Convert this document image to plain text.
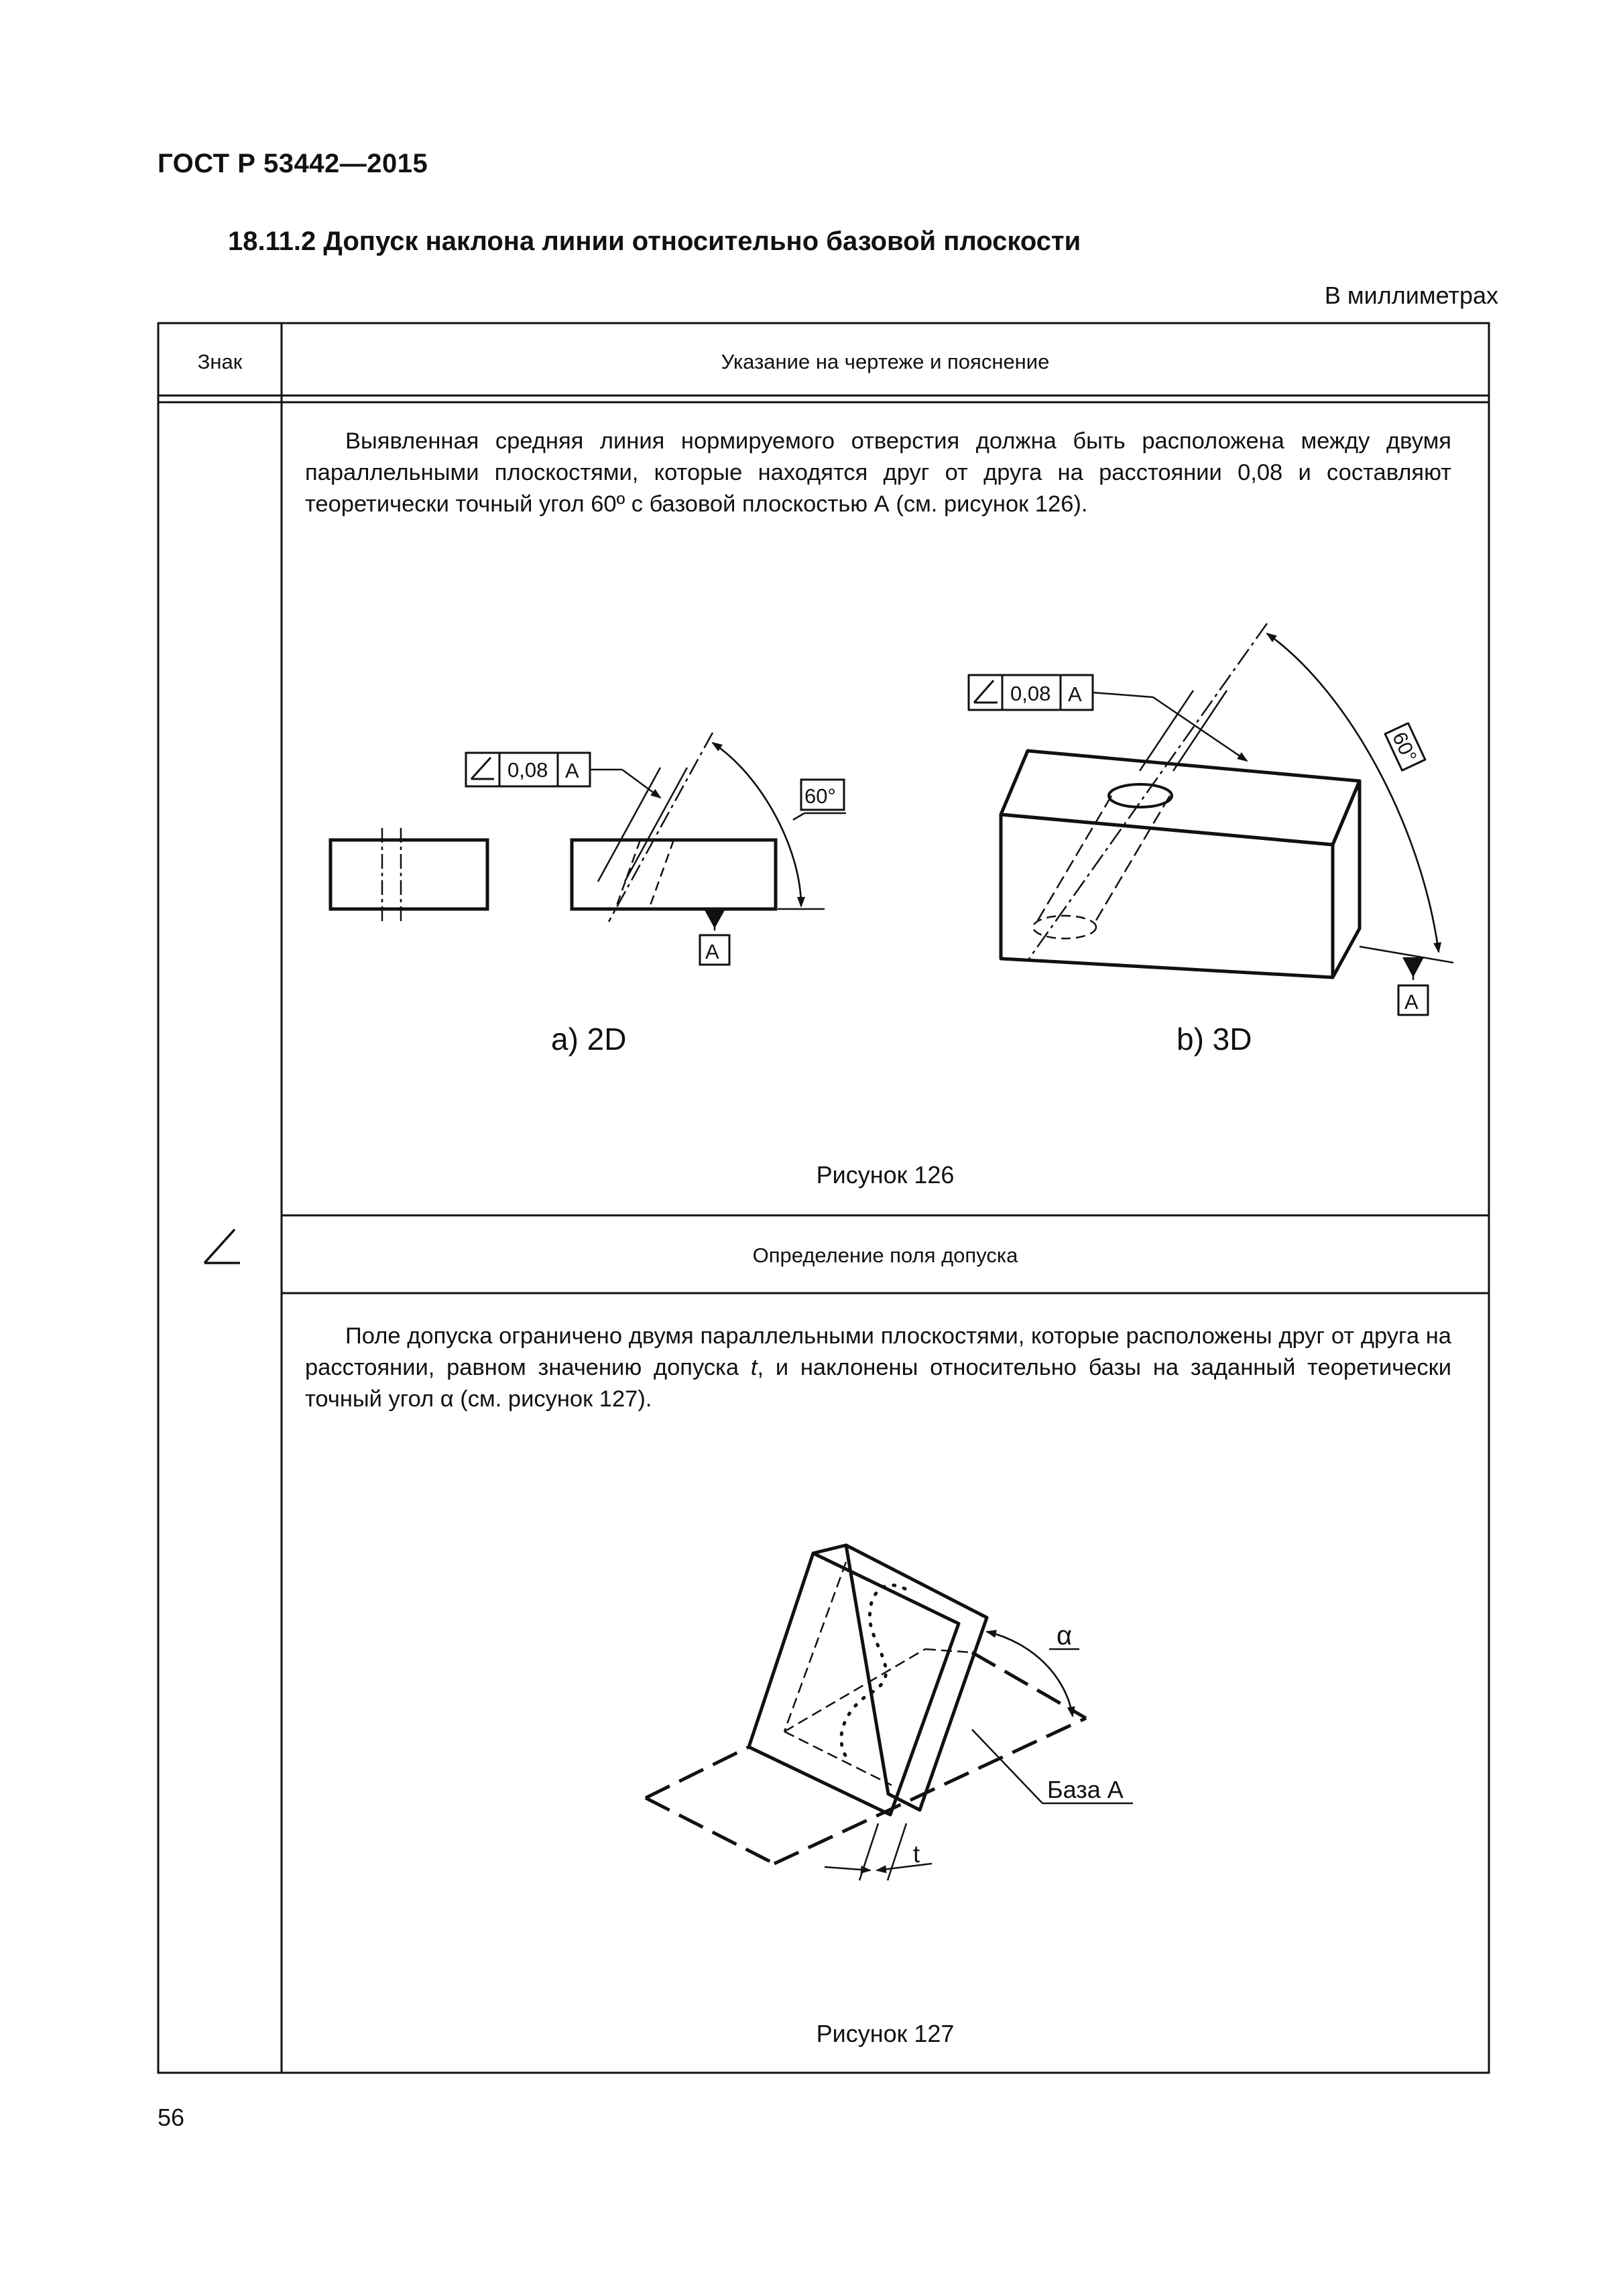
ГОСТ Р 53442—2015
18.11.2 Допуск наклона линии относительно базовой плоскости
В миллиметрах
Знак	Указание на чертеже и пояснение
Выявленная средняя линия нормируемого отверстия должна быть расположена между двумя параллельными плоскостями, которые находятся друг от друга на расстоянии 0,08 и составляют теоретически точный угол 60º с базовой плоскостью А (см. рисунок 126).
60°
0,08 A
A
0,08 A
60°
A
a) 2D	b) 3D
Рисунок 126
Определение поля допуска
Поле допуска ограничено двумя параллельными плоскостями, которые расположены друг от друга на расстоянии, равном значению допуска t, и наклонены относительно базы на заданный теоретически точный угол α (см. рисунок 127).
α
База А
t
Рисунок 127
56
